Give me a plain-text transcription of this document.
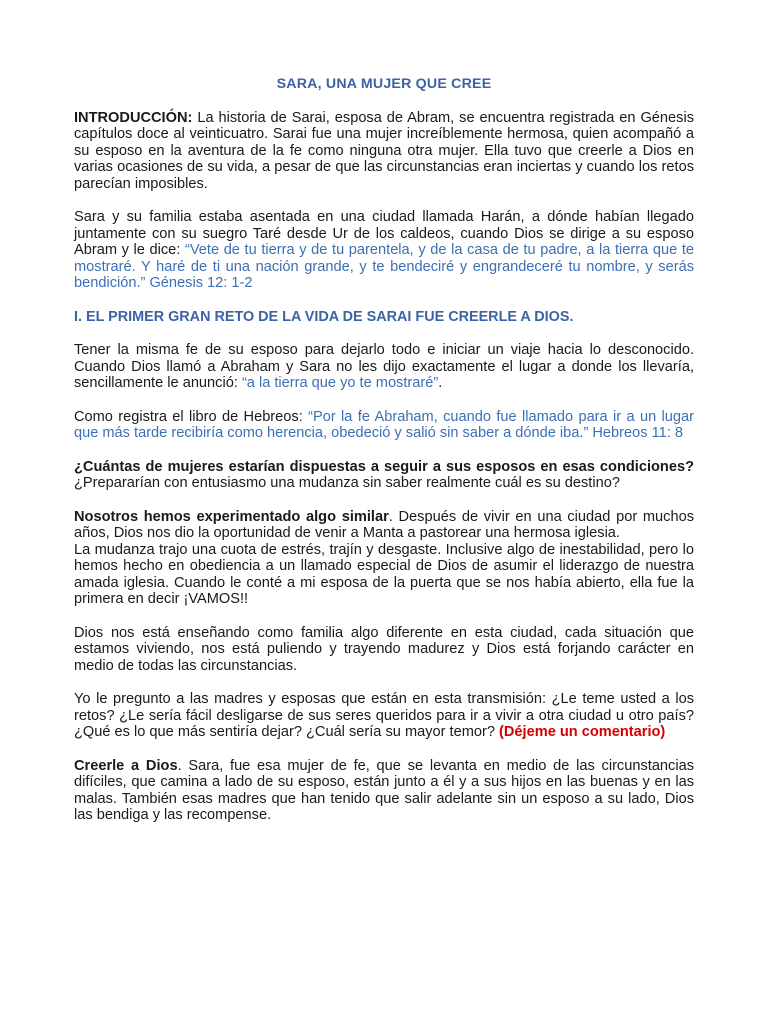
SARA, UNA MUJER QUE CREE

INTRODUCCIÓN: La historia de Sarai, esposa de Abram, se encuentra registrada en Génesis capítulos doce al veinticuatro. Sarai fue una mujer increíblemente hermosa, quien acompañó a su esposo en la aventura de la fe como ninguna otra mujer. Ella tuvo que creerle a Dios en varias ocasiones de su vida, a pesar de que las circunstancias eran inciertas y cuando los retos parecían imposibles.

Sara y su familia estaba asentada en una ciudad llamada Harán, a dónde habían llegado juntamente con su suegro Taré desde Ur de los caldeos, cuando Dios se dirige a su esposo Abram y le dice: “Vete de tu tierra y de tu parentela, y de la casa de tu padre, a la tierra que te mostraré. Y haré de ti una nación grande, y te bendeciré y engrandeceré tu nombre, y serás bendición.” Génesis 12: 1-2

I. EL PRIMER GRAN RETO DE LA VIDA DE SARAI FUE CREERLE A DIOS.

Tener la misma fe de su esposo para dejarlo todo e iniciar un viaje hacia lo desconocido. Cuando Dios llamó a Abraham y Sara no les dijo exactamente el lugar a donde los llevaría, sencillamente le anunció: “a la tierra que yo te mostraré”.

Como registra el libro de Hebreos: “Por la fe Abraham, cuando fue llamado para ir a un lugar que más tarde recibiría como herencia, obedeció y salió sin saber a dónde iba.” Hebreos 11: 8

¿Cuántas de mujeres estarían dispuestas a seguir a sus esposos en esas condiciones? ¿Prepararían con entusiasmo una mudanza sin saber realmente cuál es su destino?

Nosotros hemos experimentado algo similar. Después de vivir en una ciudad por muchos años, Dios nos dio la oportunidad de venir a Manta a pastorear una hermosa iglesia.

La mudanza trajo una cuota de estrés, trajín y desgaste. Inclusive algo de inestabilidad, pero lo hemos hecho en obediencia a un llamado especial de Dios de asumir el liderazgo de nuestra amada iglesia. Cuando le conté a mi esposa de la puerta que se nos había abierto, ella fue la primera en decir ¡VAMOS!!

Dios nos está enseñando como familia algo diferente en esta ciudad, cada situación que estamos viviendo, nos está puliendo y trayendo madurez y Dios está forjando carácter en medio de todas las circunstancias.

Yo le pregunto a las madres y esposas que están en esta transmisión: ¿Le teme usted a los retos? ¿Le sería fácil desligarse de sus seres queridos para ir a vivir a otra ciudad u otro país? ¿Qué es lo que más sentiría dejar? ¿Cuál sería su mayor temor? (Déjeme un comentario)

Creerle a Dios. Sara, fue esa mujer de fe, que se levanta en medio de las circunstancias difíciles, que camina a lado de su esposo, están junto a él y a sus hijos en las buenas y en las malas. También esas madres que han tenido que salir adelante sin un esposo a su lado, Dios las bendiga y las recompense.
